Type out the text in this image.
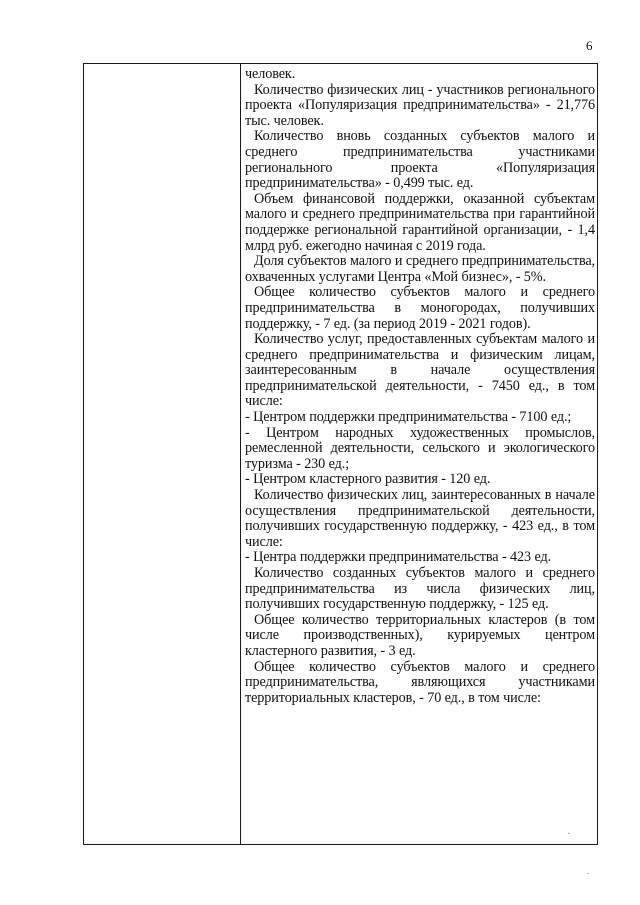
6

человек.

Количество физических лиц - участников регионального проекта «Популяризация предпринимательства» - 21,776 тыс. человек.

Количество вновь созданных субъектов малого и среднего предпринимательства участниками регионального проекта «Популяризация предпринимательства» - 0,499 тыс. ед.

Объем финансовой поддержки, оказанной субъектам малого и среднего предпринимательства при гарантийной поддержке региональной гарантийной организации, - 1,4 млрд руб. ежегодно начиная с 2019 года.

Доля субъектов малого и среднего предпринимательства, охваченных услугами Центра «Мой бизнес», - 5%.

Общее количество субъектов малого и среднего предпринимательства в моногородах, получивших поддержку, - 7 ед. (за период 2019 - 2021 годов).

Количество услуг, предоставленных субъектам малого и среднего предпринимательства и физическим лицам, заинтересованным в начале осуществления предпринимательской деятельности, - 7450 ед., в том числе:

- Центром поддержки предпринимательства - 7100 ед.;

- Центром народных художественных промыслов, ремесленной деятельности, сельского и экологического туризма - 230 ед.;

- Центром кластерного развития - 120 ед.

Количество физических лиц, заинтересованных в начале осуществления предпринимательской деятельности, получивших государственную поддержку, - 423 ед., в том числе:

- Центра поддержки предпринимательства - 423 ед.

Количество созданных субъектов малого и среднего предпринимательства из числа физических лиц, получивших государственную поддержку, - 125 ед.

Общее количество территориальных кластеров (в том числе производственных), курируемых центром кластерного развития, - 3 ед.

Общее количество субъектов малого и среднего предпринимательства, являющихся участниками территориальных кластеров, - 70 ед., в том числе:

·
·
